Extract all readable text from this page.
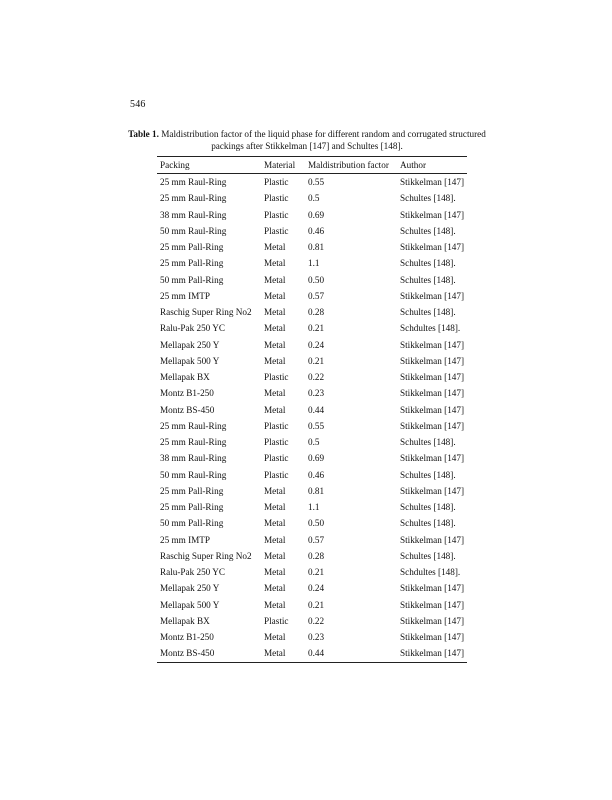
546
Table 1. Maldistribution factor of the liquid phase for different random and corrugated structured packings after Stikkelman [147] and Schultes [148].
Packing	Material	Maldistribution factor	Author
25 mm Raul-Ring	Plastic	0.55	Stikkelman [147]
25 mm Raul-Ring	Plastic	0.5	Schultes [148].
38 mm Raul-Ring	Plastic	0.69	Stikkelman [147]
50 mm Raul-Ring	Plastic	0.46	Schultes [148].
25 mm Pall-Ring	Metal	0.81	Stikkelman [147]
25 mm Pall-Ring	Metal	1.1	Schultes [148].
50 mm Pall-Ring	Metal	0.50	Schultes [148].
25 mm IMTP	Metal	0.57	Stikkelman [147]
Raschig Super Ring No2	Metal	0.28	Schultes [148].
Ralu-Pak 250 YC	Metal	0.21	Schdultes [148].
Mellapak 250 Y	Metal	0.24	Stikkelman [147]
Mellapak 500 Y	Metal	0.21	Stikkelman [147]
Mellapak BX	Plastic	0.22	Stikkelman [147]
Montz B1-250	Metal	0.23	Stikkelman [147]
Montz BS-450	Metal	0.44	Stikkelman [147]
25 mm Raul-Ring	Plastic	0.55	Stikkelman [147]
25 mm Raul-Ring	Plastic	0.5	Schultes [148].
38 mm Raul-Ring	Plastic	0.69	Stikkelman [147]
50 mm Raul-Ring	Plastic	0.46	Schultes [148].
25 mm Pall-Ring	Metal	0.81	Stikkelman [147]
25 mm Pall-Ring	Metal	1.1	Schultes [148].
50 mm Pall-Ring	Metal	0.50	Schultes [148].
25 mm IMTP	Metal	0.57	Stikkelman [147]
Raschig Super Ring No2	Metal	0.28	Schultes [148].
Ralu-Pak 250 YC	Metal	0.21	Schdultes [148].
Mellapak 250 Y	Metal	0.24	Stikkelman [147]
Mellapak 500 Y	Metal	0.21	Stikkelman [147]
Mellapak BX	Plastic	0.22	Stikkelman [147]
Montz B1-250	Metal	0.23	Stikkelman [147]
Montz BS-450	Metal	0.44	Stikkelman [147]
